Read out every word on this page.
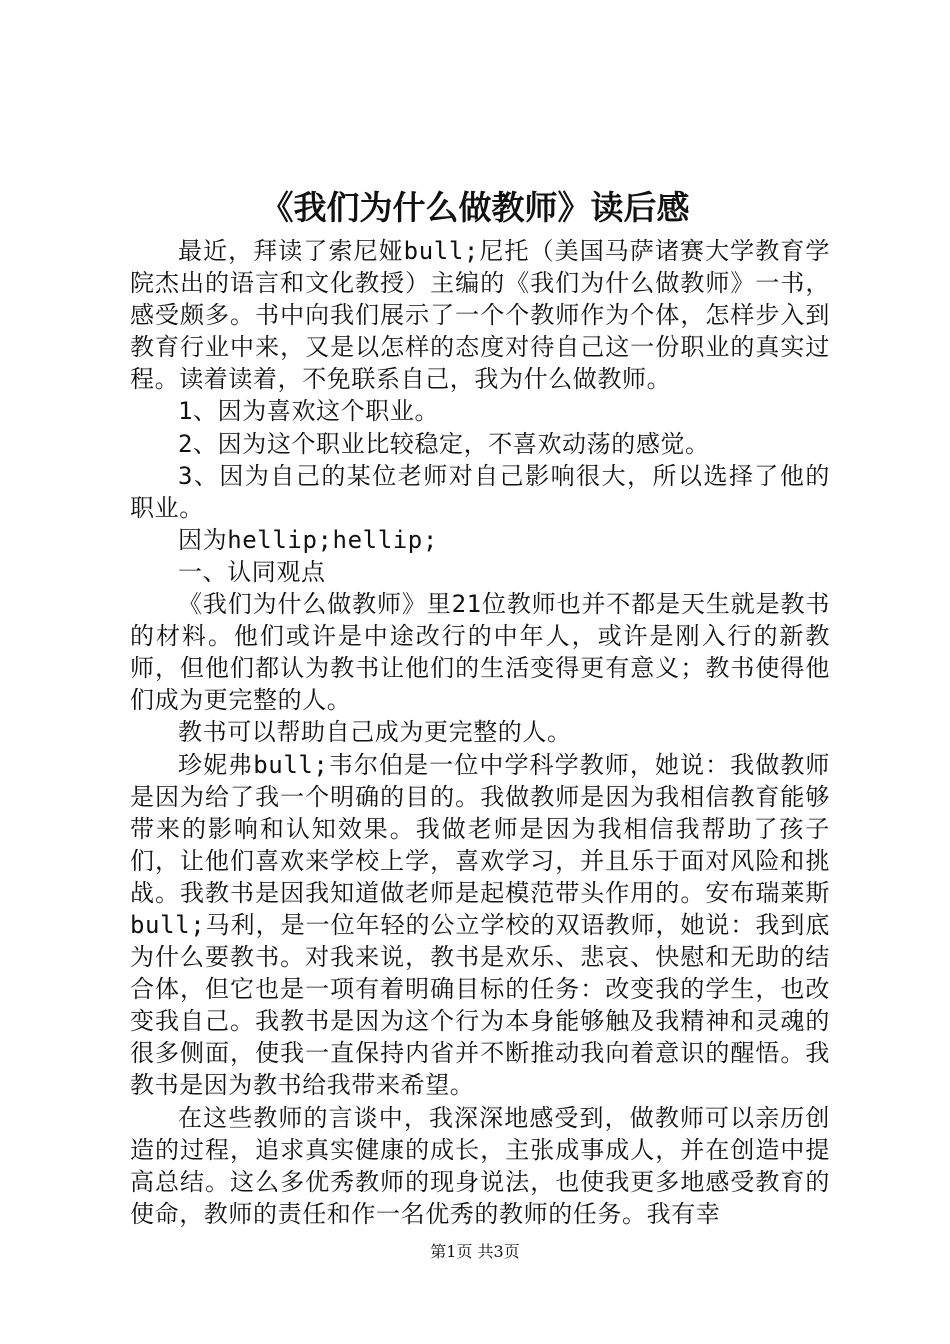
《我们为什么做教师》读后感

最近，拜读了索尼娅bull;尼托（美国马萨诸赛大学教育学院杰出的语言和文化教授）主编的《我们为什么做教师》一书，感受颇多。书中向我们展示了一个个教师作为个体，怎样步入到教育行业中来，又是以怎样的态度对待自己这一份职业的真实过程。读着读着，不免联系自己，我为什么做教师。

1、因为喜欢这个职业。

2、因为这个职业比较稳定，不喜欢动荡的感觉。

3、因为自己的某位老师对自己影响很大，所以选择了他的职业。

因为hellip;hellip;

一、认同观点

《我们为什么做教师》里21位教师也并不都是天生就是教书的材料。他们或许是中途改行的中年人，或许是刚入行的新教师，但他们都认为教书让他们的生活变得更有意义；教书使得他们成为更完整的人。

教书可以帮助自己成为更完整的人。

珍妮弗bull;韦尔伯是一位中学科学教师，她说：我做教师是因为给了我一个明确的目的。我做教师是因为我相信教育能够带来的影响和认知效果。我做老师是因为我相信我帮助了孩子们，让他们喜欢来学校上学，喜欢学习，并且乐于面对风险和挑战。我教书是因我知道做老师是起模范带头作用的。安布瑞莱斯bull;马利，是一位年轻的公立学校的双语教师，她说：我到底为什么要教书。对我来说，教书是欢乐、悲哀、快慰和无助的结合体，但它也是一项有着明确目标的任务：改变我的学生，也改变我自己。我教书是因为这个行为本身能够触及我精神和灵魂的很多侧面，使我一直保持内省并不断推动我向着意识的醒悟。我教书是因为教书给我带来希望。

在这些教师的言谈中，我深深地感受到，做教师可以亲历创造的过程，追求真实健康的成长，主张成事成人，并在创造中提高总结。这么多优秀教师的现身说法，也使我更多地感受教育的使命，教师的责任和作一名优秀的教师的任务。我有幸

第1页 共3页
